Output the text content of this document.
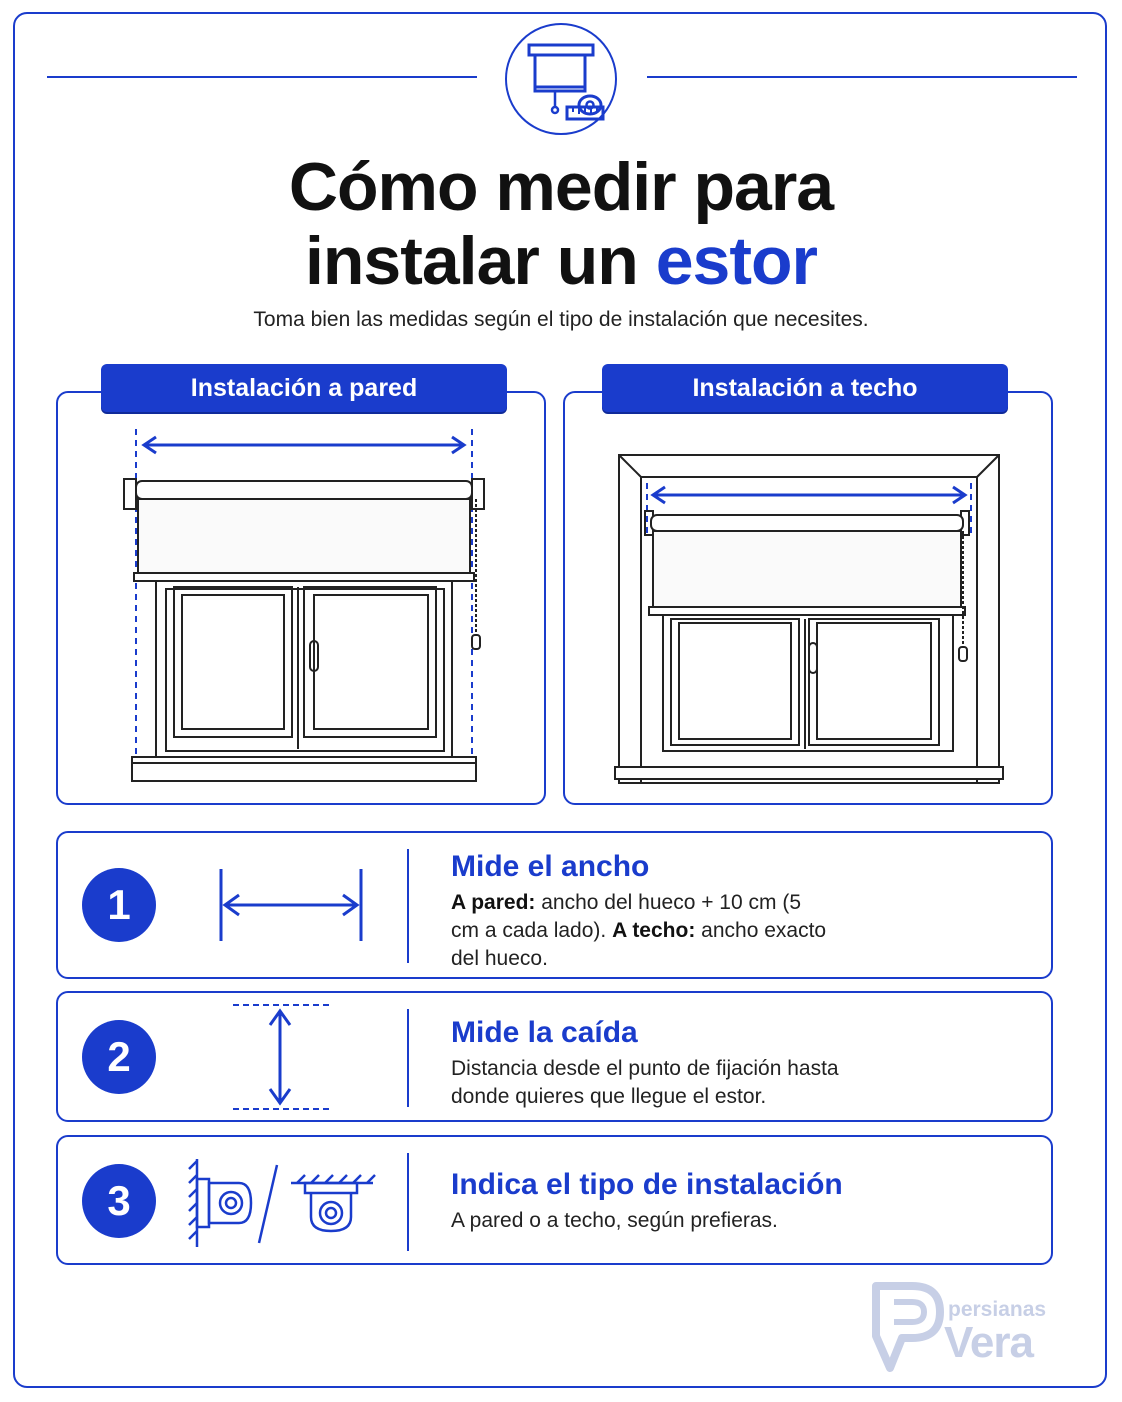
Cómo medir para
instalar un estor
Toma bien las medidas según el tipo de instalación que necesites.
Instalación a pared	Instalación a techo
1
Mide el ancho

A pared: ancho del hueco + 10 cm (5 cm a cada lado). A techo: ancho exacto del hueco.

2
Mide la caída

Distancia desde el punto de fijación hasta donde quieres que llegue el estor.

3	Indica el tipo de instalación

A pared o a techo, según prefieras.

persianas
Vera
